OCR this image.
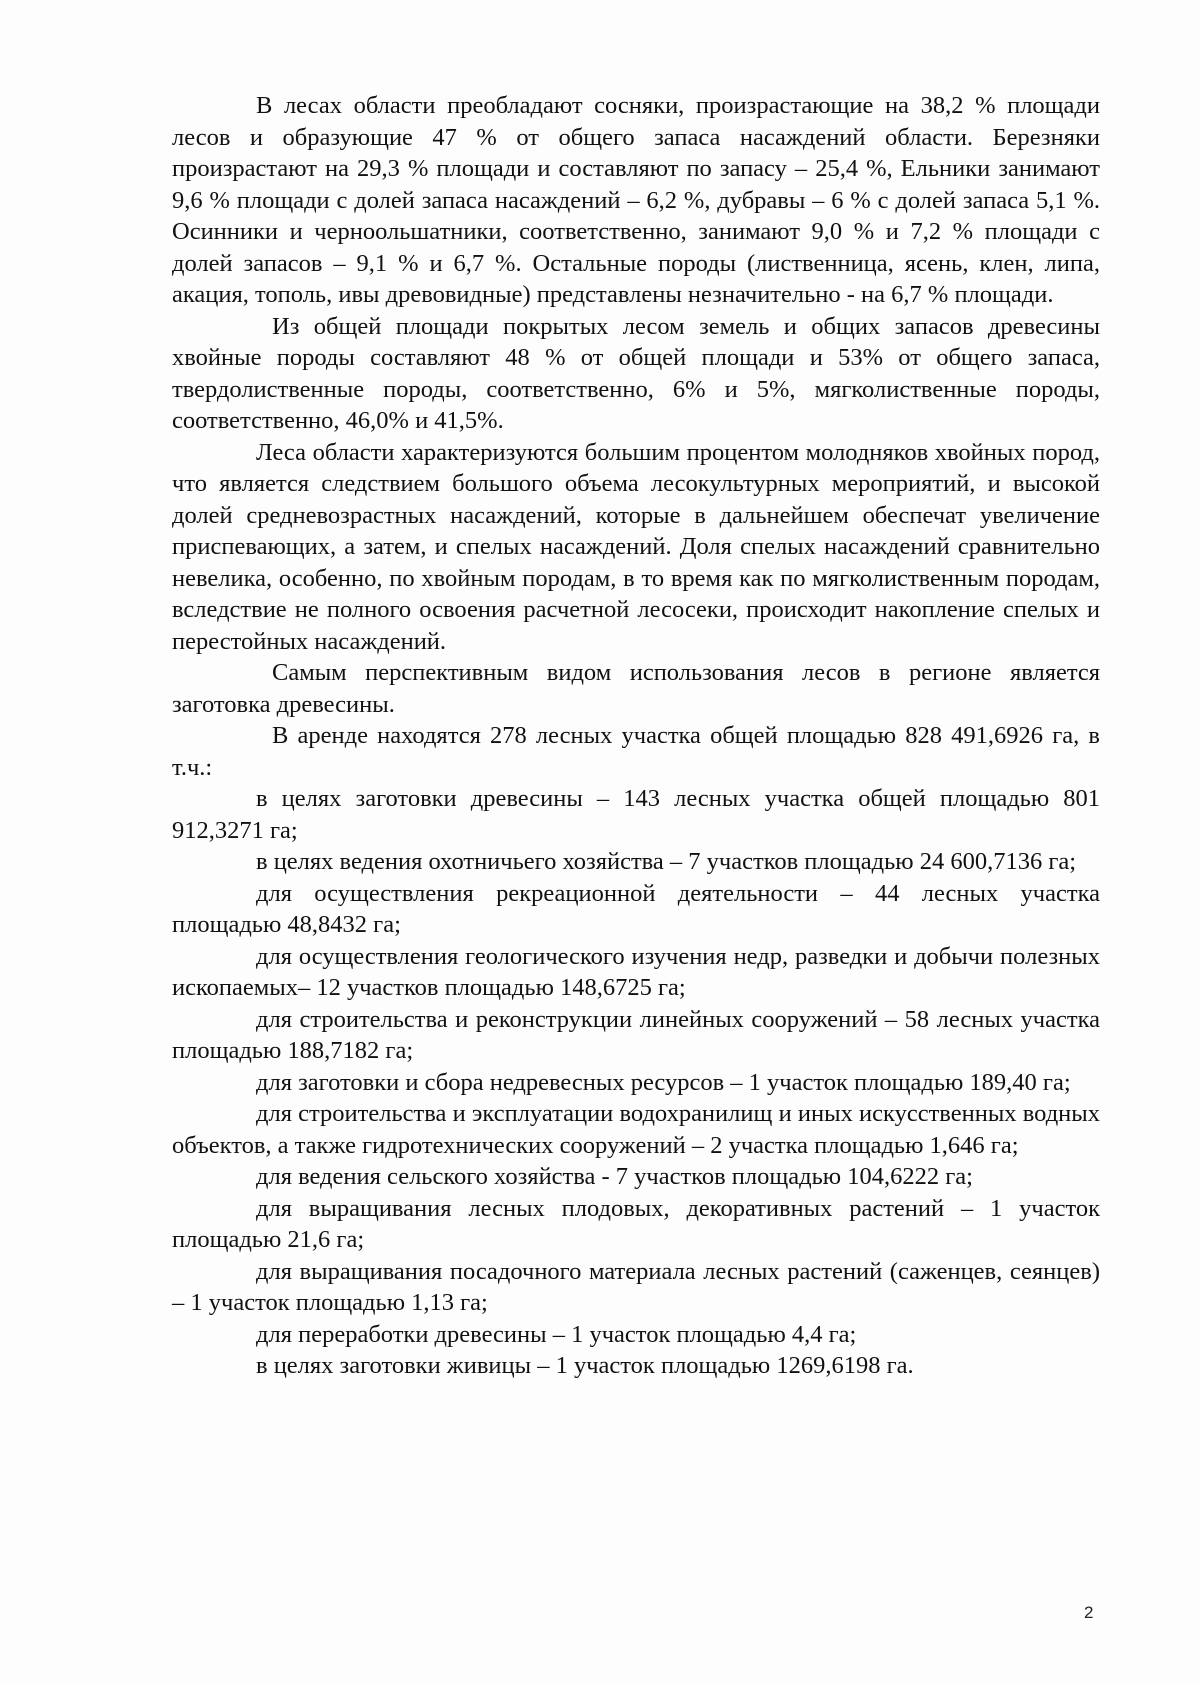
В лесах области преобладают сосняки, произрастающие на 38,2 % площади лесов и образующие 47 % от общего запаса насаждений области. Березняки произрастают на 29,3 % площади и составляют по запасу – 25,4 %, Ельники занимают 9,6 % площади с долей запаса насаждений – 6,2 %, дубравы – 6 % с долей запаса 5,1 %. Осинники и черноольшатники, соответственно, занимают 9,0 % и 7,2 % площади с долей запасов – 9,1 % и 6,7 %. Остальные породы (лиственница, ясень, клен, липа, акация, тополь, ивы древовидные) представлены незначительно - на 6,7 % площади.

Из общей площади покрытых лесом земель и общих запасов древесины хвойные породы составляют 48 % от общей площади и 53% от общего запаса, твердолиственные породы, соответственно, 6% и 5%, мягколиственные породы, соответственно, 46,0% и 41,5%.

Леса области характеризуются большим процентом молодняков хвойных пород, что является следствием большого объема лесокультурных мероприятий, и высокой долей средневозрастных насаждений, которые в дальнейшем обеспечат увеличение приспевающих, а затем, и спелых насаждений. Доля спелых насаждений сравнительно невелика, особенно, по хвойным породам, в то время как по мягколиственным породам, вследствие не полного освоения расчетной лесосеки, происходит накопление спелых и перестойных насаждений.

Самым перспективным видом использования лесов в регионе является заготовка древесины.

В аренде находятся 278 лесных участка общей площадью 828 491,6926 га, в т.ч.:

в целях заготовки древесины – 143 лесных участка общей площадью 801 912,3271 га;

в целях ведения охотничьего хозяйства – 7 участков площадью 24 600,7136 га;

для осуществления рекреационной деятельности – 44 лесных участка площадью 48,8432 га;

для осуществления геологического изучения недр, разведки и добычи полезных ископаемых– 12 участков площадью 148,6725 га;

для строительства и реконструкции линейных сооружений – 58 лесных участка площадью 188,7182 га;

для заготовки и сбора недревесных ресурсов – 1 участок площадью 189,40 га;

для строительства и эксплуатации водохранилищ и иных искусственных водных объектов, а также гидротехнических сооружений – 2 участка площадью 1,646 га;

для ведения сельского хозяйства - 7 участков площадью 104,6222 га;

для выращивания лесных плодовых, декоративных растений – 1 участок площадью 21,6 га;

для выращивания посадочного материала лесных растений (саженцев, сеянцев) – 1 участок площадью 1,13 га;

для переработки древесины – 1 участок площадью 4,4 га;

в целях заготовки живицы – 1 участок площадью 1269,6198 га.

2
